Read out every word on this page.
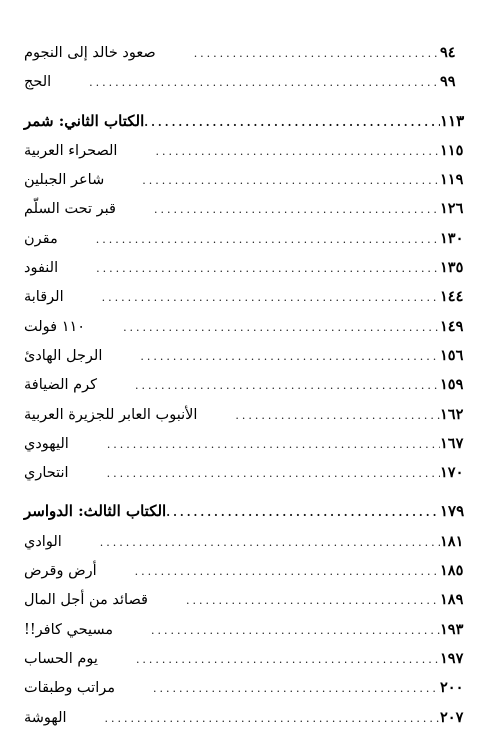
صعود خالد إلى النجوم .....	٩٤
الحج .....	٩٩
الكتاب الثاني: شمر .....	١١٣
الصحراء العربية .....	١١٥
شاعر الجبلين .....	١١٩
قبر تحت السلّم .....	١٢٦
مقرن .....	١٣٠
النفود .....	١٣٥
الرقابة .....	١٤٤
١١٠ فولت .....	١٤٩
الرجل الهادئ .....	١٥٦
كرم الضيافة .....	١٥٩
الأنبوب العابر للجزيرة العربية .....	١٦٢
اليهودي .....	١٦٧
انتحاري .....	١٧٠
الكتاب الثالث: الدواسر .....	١٧٩
الوادي .....	١٨١
أرض وقرض .....	١٨٥
قصائد من أجل المال .....	١٨٩
مسيحي كافر!! .....	١٩٣
يوم الحساب .....	١٩٧
مراتب وطبقات .....	٢٠٠
الهوشة .....	٢٠٧
